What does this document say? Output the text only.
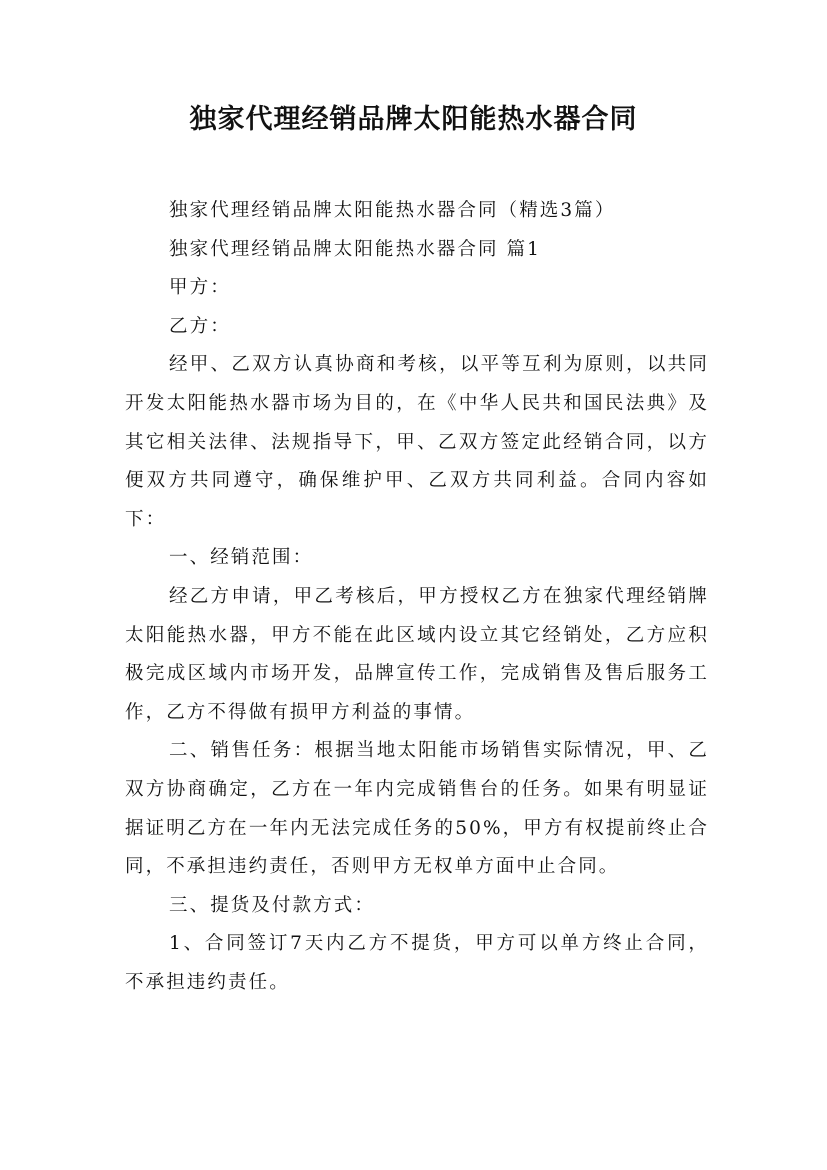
独家代理经销品牌太阳能热水器合同

独家代理经销品牌太阳能热水器合同（精选3篇）

独家代理经销品牌太阳能热水器合同 篇1

甲方：

乙方：

经甲、乙双方认真协商和考核，以平等互利为原则，以共同开发太阳能热水器市场为目的，在《中华人民共和国民法典》及其它相关法律、法规指导下，甲、乙双方签定此经销合同，以方便双方共同遵守，确保维护甲、乙双方共同利益。合同内容如下：

一、经销范围：

经乙方申请，甲乙考核后，甲方授权乙方在独家代理经销牌太阳能热水器，甲方不能在此区域内设立其它经销处，乙方应积极完成区域内市场开发，品牌宣传工作，完成销售及售后服务工作，乙方不得做有损甲方利益的事情。

二、销售任务：根据当地太阳能市场销售实际情况，甲、乙双方协商确定，乙方在一年内完成销售台的任务。如果有明显证据证明乙方在一年内无法完成任务的50%，甲方有权提前终止合同，不承担违约责任，否则甲方无权单方面中止合同。

三、提货及付款方式：

1、合同签订7天内乙方不提货，甲方可以单方终止合同，不承担违约责任。
